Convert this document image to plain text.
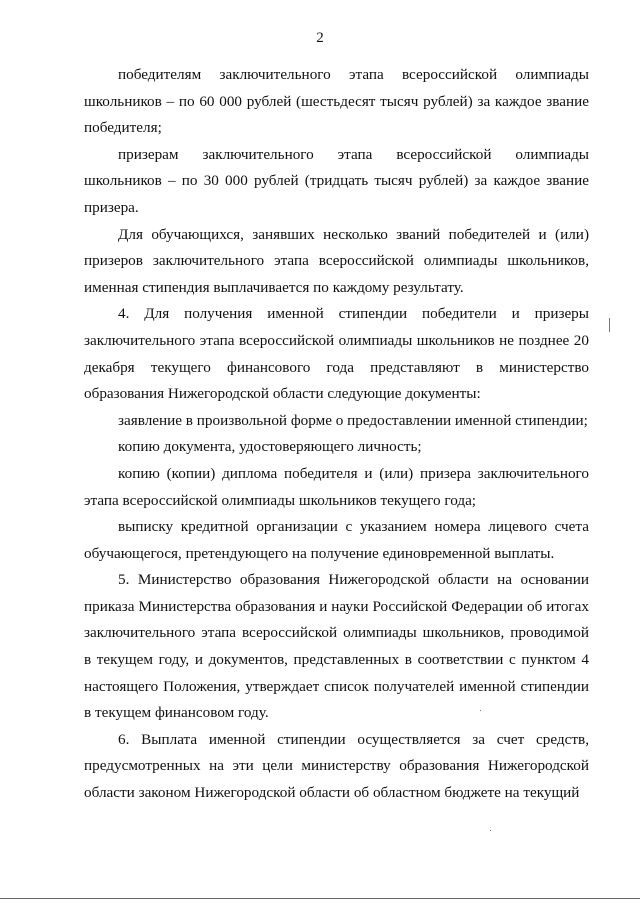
2

победителям заключительного этапа всероссийской олимпиады школьников – по 60 000 рублей (шестьдесят тысяч рублей) за каждое звание победителя;

призерам заключительного этапа всероссийской олимпиады школьников – по 30 000 рублей (тридцать тысяч рублей) за каждое звание призера.

Для обучающихся, занявших несколько званий победителей и (или) призеров заключительного этапа всероссийской олимпиады школьников, именная стипендия выплачивается по каждому результату.

4. Для получения именной стипендии победители и призеры заключительного этапа всероссийской олимпиады школьников не позднее 20 декабря текущего финансового года представляют в министерство образования Нижегородской области следующие документы:

заявление в произвольной форме о предоставлении именной стипендии;

копию документа, удостоверяющего личность;

копию (копии) диплома победителя и (или) призера заключительного этапа всероссийской олимпиады школьников текущего года;

выписку кредитной организации с указанием номера лицевого счета обучающегося, претендующего на получение единовременной выплаты.

5. Министерство образования Нижегородской области на основании приказа Министерства образования и науки Российской Федерации об итогах заключительного этапа всероссийской олимпиады школьников, проводимой в текущем году, и документов, представленных в соответствии с пунктом 4 настоящего Положения, утверждает список получателей именной стипендии в текущем финансовом году.

6. Выплата именной стипендии осуществляется за счет средств, предусмотренных на эти цели министерству образования Нижегородской области законом Нижегородской области об областном бюджете на текущий
